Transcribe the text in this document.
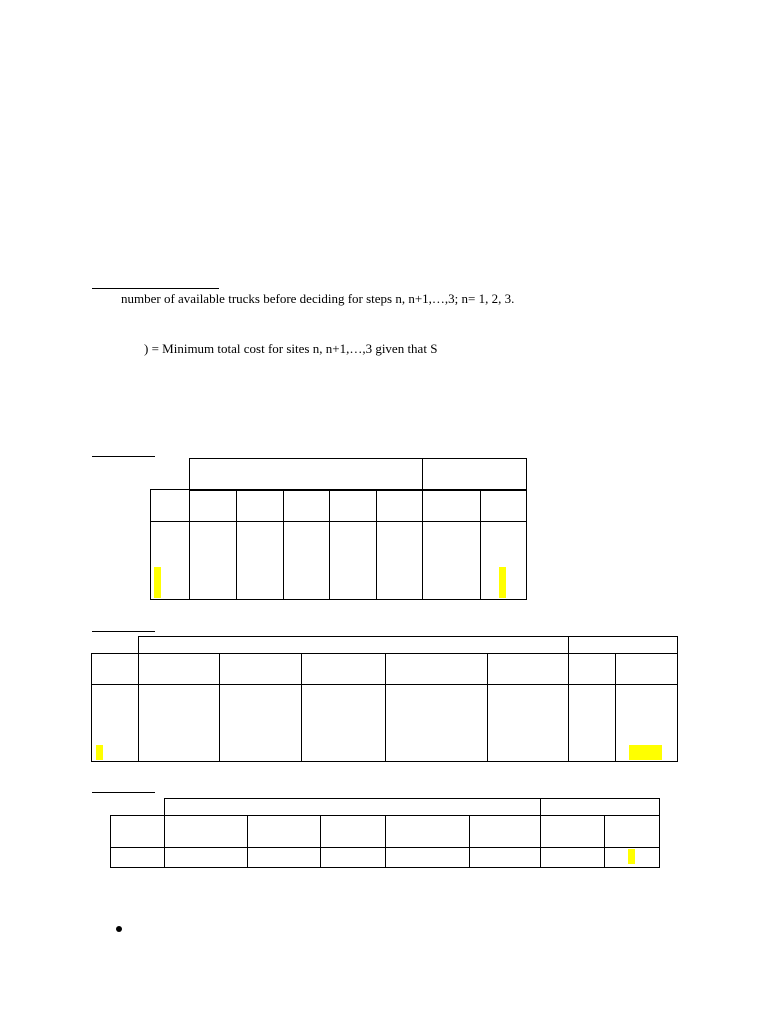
number of available trucks before deciding for steps n, n+1,…,3; n= 1, 2, 3.
) = Minimum total cost for sites n, n+1,…,3 given that S
